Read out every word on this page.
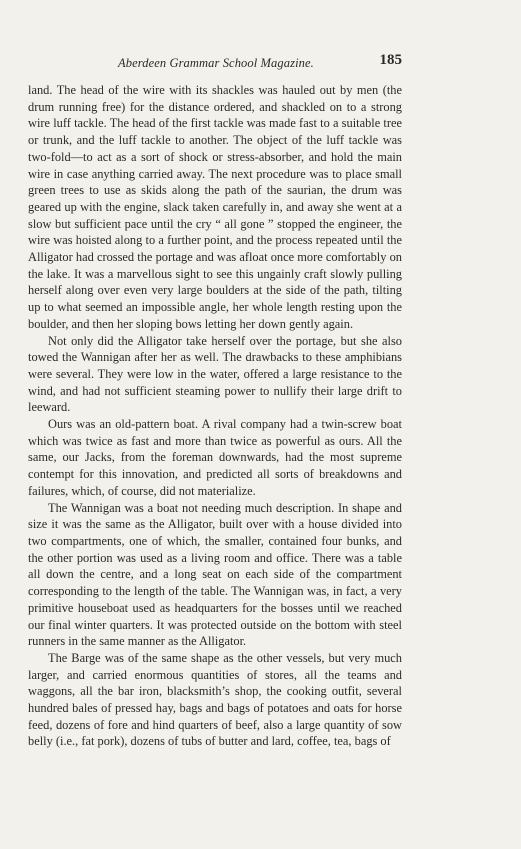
Aberdeen Grammar School Magazine.	185

land. The head of the wire with its shackles was hauled out by men (the drum running free) for the distance ordered, and shackled on to a strong wire luff tackle. The head of the first tackle was made fast to a suitable tree or trunk, and the luff tackle to another. The object of the luff tackle was two-fold—to act as a sort of shock or stress-absorber, and hold the main wire in case anything carried away. The next procedure was to place small green trees to use as skids along the path of the saurian, the drum was geared up with the engine, slack taken carefully in, and away she went at a slow but sufficient pace until the cry “ all gone ” stopped the engineer, the wire was hoisted along to a further point, and the process repeated until the Alligator had crossed the portage and was afloat once more comfortably on the lake. It was a marvellous sight to see this ungainly craft slowly pulling herself along over even very large boulders at the side of the path, tilting up to what seemed an impossible angle, her whole length resting upon the boulder, and then her sloping bows letting her down gently again.

Not only did the Alligator take herself over the portage, but she also towed the Wannigan after her as well. The drawbacks to these amphibians were several. They were low in the water, offered a large resistance to the wind, and had not sufficient steaming power to nullify their large drift to leeward.

Ours was an old-pattern boat. A rival company had a twin-screw boat which was twice as fast and more than twice as powerful as ours. All the same, our Jacks, from the foreman downwards, had the most supreme contempt for this innovation, and predicted all sorts of breakdowns and failures, which, of course, did not materialize.

The Wannigan was a boat not needing much description. In shape and size it was the same as the Alligator, built over with a house divided into two compartments, one of which, the smaller, contained four bunks, and the other portion was used as a living room and office. There was a table all down the centre, and a long seat on each side of the compartment corresponding to the length of the table. The Wannigan was, in fact, a very primitive houseboat used as headquarters for the bosses until we reached our final winter quarters. It was protected outside on the bottom with steel runners in the same manner as the Alligator.

The Barge was of the same shape as the other vessels, but very much larger, and carried enormous quantities of stores, all the teams and waggons, all the bar iron, blacksmith’s shop, the cooking outfit, several hundred bales of pressed hay, bags and bags of potatoes and oats for horse feed, dozens of fore and hind quarters of beef, also a large quantity of sow belly (i.e., fat pork), dozens of tubs of butter and lard, coffee, tea, bags of
